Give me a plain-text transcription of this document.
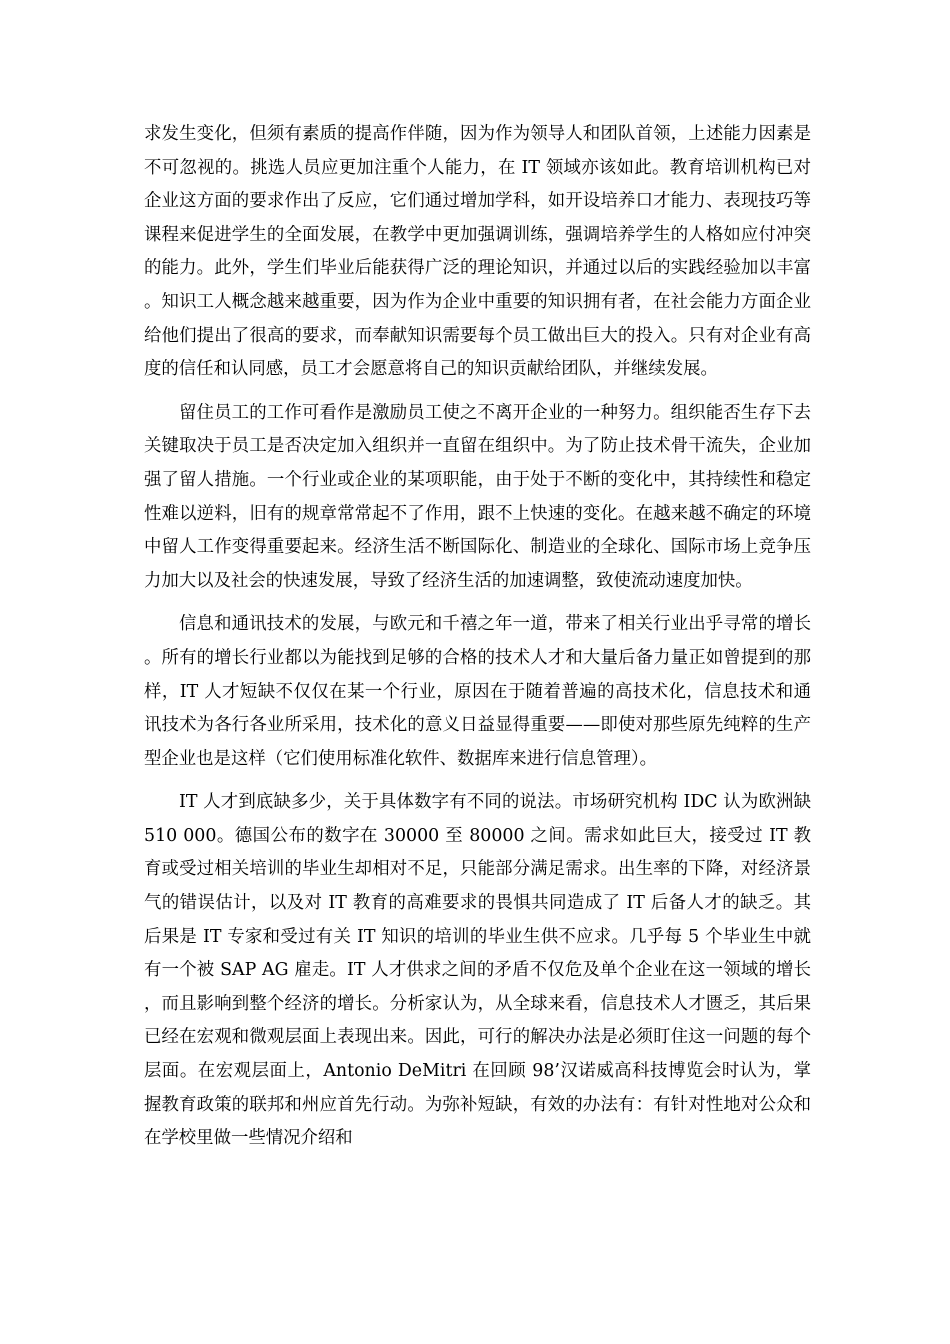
求发生变化，但须有素质的提高作伴随，因为作为领导人和团队首领，上述能力因素是不可忽视的。挑选人员应更加注重个人能力，在 IT 领域亦该如此。教育培训机构已对企业这方面的要求作出了反应，它们通过增加学科，如开设培养口才能力、表现技巧等课程来促进学生的全面发展，在教学中更加强调训练，强调培养学生的人格如应付冲突的能力。此外，学生们毕业后能获得广泛的理论知识，并通过以后的实践经验加以丰富。知识工人概念越来越重要，因为作为企业中重要的知识拥有者，在社会能力方面企业给他们提出了很高的要求，而奉献知识需要每个员工做出巨大的投入。只有对企业有高度的信任和认同感，员工才会愿意将自己的知识贡献给团队，并继续发展。

留住员工的工作可看作是激励员工使之不离开企业的一种努力。组织能否生存下去关键取决于员工是否决定加入组织并一直留在组织中。为了防止技术骨干流失，企业加强了留人措施。一个行业或企业的某项职能，由于处于不断的变化中，其持续性和稳定性难以逆料，旧有的规章常常起不了作用，跟不上快速的变化。在越来越不确定的环境中留人工作变得重要起来。经济生活不断国际化、制造业的全球化、国际市场上竞争压力加大以及社会的快速发展，导致了经济生活的加速调整，致使流动速度加快。

信息和通讯技术的发展，与欧元和千禧之年一道，带来了相关行业出乎寻常的增长。所有的增长行业都以为能找到足够的合格的技术人才和大量后备力量正如曾提到的那样，IT 人才短缺不仅仅在某一个行业，原因在于随着普遍的高技术化，信息技术和通讯技术为各行各业所采用，技术化的意义日益显得重要——即使对那些原先纯粹的生产型企业也是这样（它们使用标准化软件、数据库来进行信息管理）。

IT 人才到底缺多少，关于具体数字有不同的说法。市场研究机构 IDC 认为欧洲缺 510 000。德国公布的数字在 30000 至 80000 之间。需求如此巨大，接受过 IT 教育或受过相关培训的毕业生却相对不足，只能部分满足需求。出生率的下降，对经济景气的错误估计，以及对 IT 教育的高难要求的畏惧共同造成了 IT 后备人才的缺乏。其后果是 IT 专家和受过有关 IT 知识的培训的毕业生供不应求。几乎每 5 个毕业生中就有一个被 SAP AG 雇走。IT 人才供求之间的矛盾不仅危及单个企业在这一领域的增长，而且影响到整个经济的增长。分析家认为，从全球来看，信息技术人才匮乏，其后果已经在宏观和微观层面上表现出来。因此，可行的解决办法是必须盯住这一问题的每个层面。在宏观层面上，Antonio DeMitri 在回顾 98’汉诺威高科技博览会时认为，掌握教育政策的联邦和州应首先行动。为弥补短缺，有效的办法有：有针对性地对公众和在学校里做一些情况介绍和
